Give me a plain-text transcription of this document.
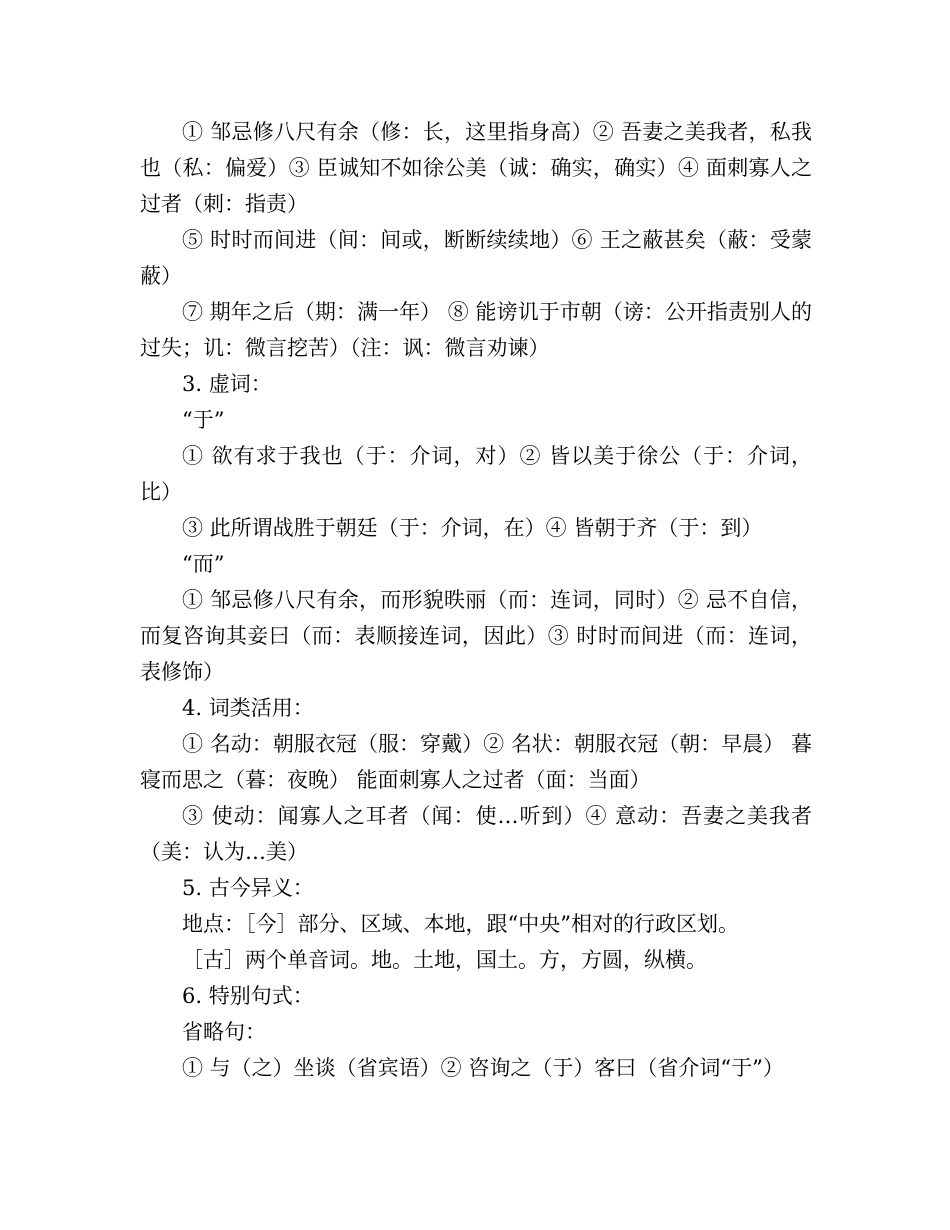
① 邹忌修八尺有余（修：长，这里指身高）② 吾妻之美我者，私我也（私：偏爱）③ 臣诚知不如徐公美（诚：确实，确实）④ 面刺寡人之过者（刺：指责）

⑤ 时时而间进（间：间或，断断续续地）⑥ 王之蔽甚矣（蔽：受蒙蔽）

⑦ 期年之后（期：满一年） ⑧ 能谤讥于市朝（谤：公开指责别人的过失；讥：微言挖苦）（注：讽：微言劝谏）

3. 虚词：

“于”

① 欲有求于我也（于：介词，对）② 皆以美于徐公（于：介词，比）

③ 此所谓战胜于朝廷（于：介词，在）④ 皆朝于齐（于：到）

“而”

① 邹忌修八尺有余，而形貌昳丽（而：连词，同时）② 忌不自信，而复咨询其妾曰（而：表顺接连词，因此）③ 时时而间进（而：连词，表修饰）

4. 词类活用：

① 名动：朝服衣冠（服：穿戴）② 名状：朝服衣冠（朝：早晨） 暮寝而思之（暮：夜晚） 能面刺寡人之过者（面：当面）

③ 使动：闻寡人之耳者（闻：使…听到）④ 意动：吾妻之美我者（美：认为…美）

5. 古今异义：

地点：［今］部分、区域、本地，跟“中央”相对的行政区划。

［古］两个单音词。地。土地，国土。方，方圆，纵横。

6. 特别句式：

省略句：

① 与（之）坐谈（省宾语）② 咨询之（于）客曰（省介词“于”）
